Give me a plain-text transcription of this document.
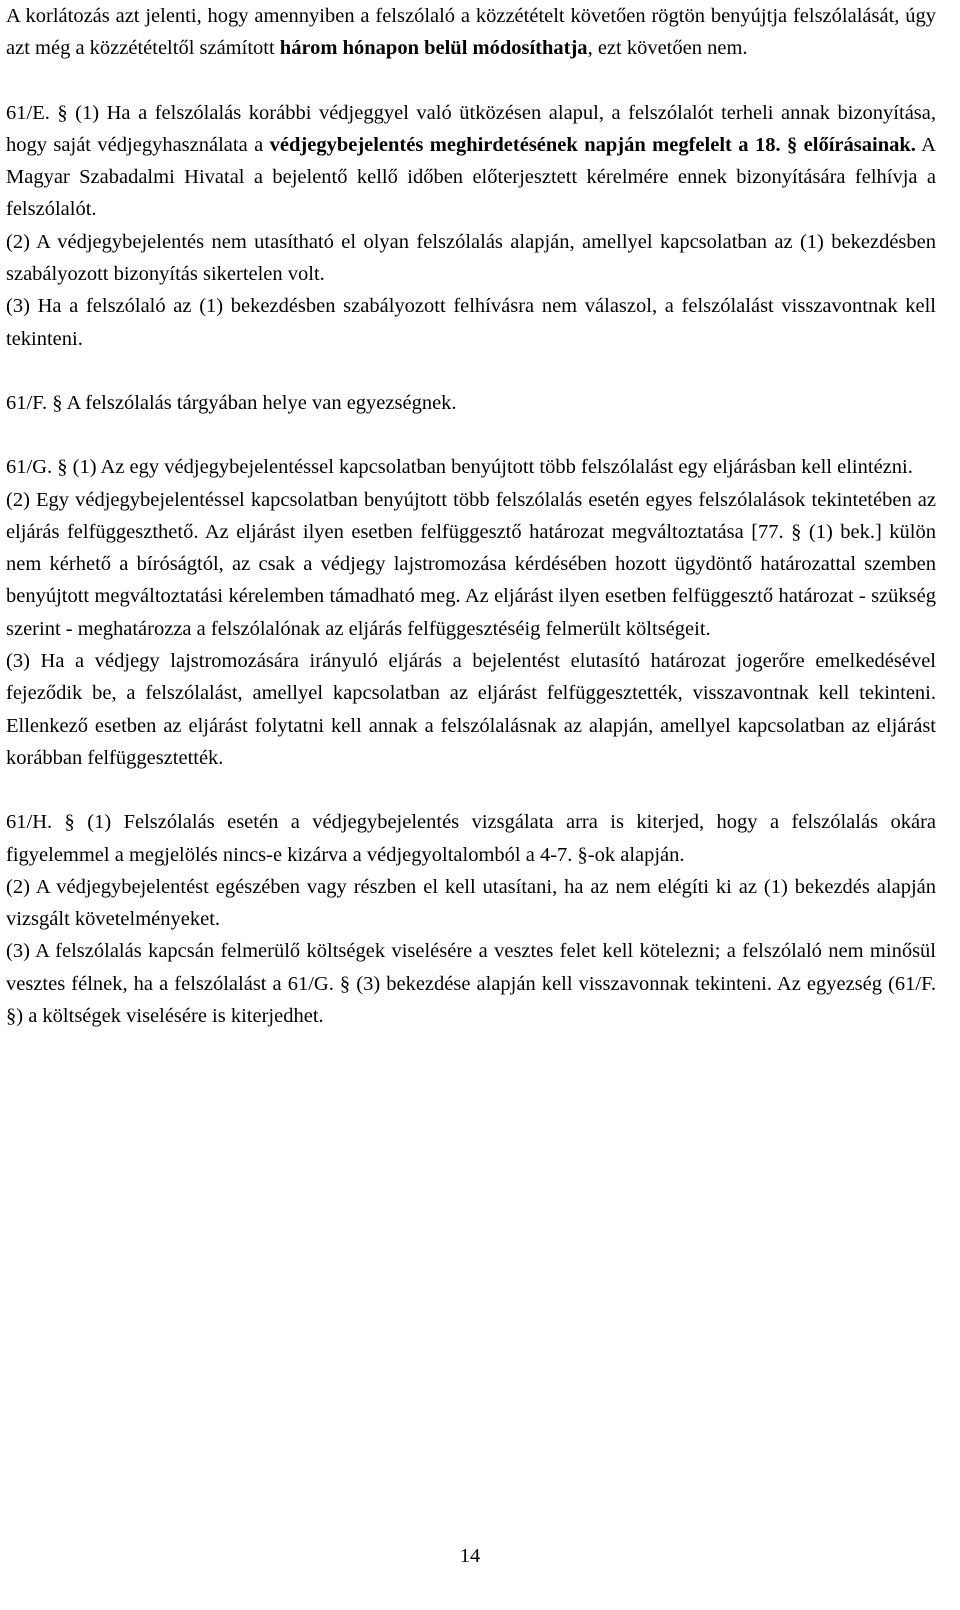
A korlátozás azt jelenti, hogy amennyiben a felszólaló a közzétételt követően rögtön benyújtja felszólalását, úgy azt még a közzétételtől számított három hónapon belül módosíthatja, ezt követően nem.

61/E. § (1) Ha a felszólalás korábbi védjeggyel való ütközésen alapul, a felszólalót terheli annak bizonyítása, hogy saját védjegyhasználata a védjegybejelentés meghirdetésének napján megfelelt a 18. § előírásainak. A Magyar Szabadalmi Hivatal a bejelentő kellő időben előterjesztett kérelmére ennek bizonyítására felhívja a felszólalót.

(2) A védjegybejelentés nem utasítható el olyan felszólalás alapján, amellyel kapcsolatban az (1) bekezdésben szabályozott bizonyítás sikertelen volt.

(3) Ha a felszólaló az (1) bekezdésben szabályozott felhívásra nem válaszol, a felszólalást visszavontnak kell tekinteni.

61/F. § A felszólalás tárgyában helye van egyezségnek.

61/G. § (1) Az egy védjegybejelentéssel kapcsolatban benyújtott több felszólalást egy eljárásban kell elintézni.

(2) Egy védjegybejelentéssel kapcsolatban benyújtott több felszólalás esetén egyes felszólalások tekintetében az eljárás felfüggeszthető. Az eljárást ilyen esetben felfüggesztő határozat megváltoztatása [77. § (1) bek.] külön nem kérhető a bíróságtól, az csak a védjegy lajstromozása kérdésében hozott ügydöntő határozattal szemben benyújtott megváltoztatási kérelemben támadható meg. Az eljárást ilyen esetben felfüggesztő határozat - szükség szerint - meghatározza a felszólalónak az eljárás felfüggesztéséig felmerült költségeit.

(3) Ha a védjegy lajstromozására irányuló eljárás a bejelentést elutasító határozat jogerőre emelkedésével fejeződik be, a felszólalást, amellyel kapcsolatban az eljárást felfüggesztették, visszavontnak kell tekinteni. Ellenkező esetben az eljárást folytatni kell annak a felszólalásnak az alapján, amellyel kapcsolatban az eljárást korábban felfüggesztették.

61/H. § (1) Felszólalás esetén a védjegybejelentés vizsgálata arra is kiterjed, hogy a felszólalás okára figyelemmel a megjelölés nincs-e kizárva a védjegyoltalomból a 4-7. §-ok alapján.

(2) A védjegybejelentést egészében vagy részben el kell utasítani, ha az nem elégíti ki az (1) bekezdés alapján vizsgált követelményeket.

(3) A felszólalás kapcsán felmerülő költségek viselésére a vesztes felet kell kötelezni; a felszólaló nem minősül vesztes félnek, ha a felszólalást a 61/G. § (3) bekezdése alapján kell visszavonnak tekinteni. Az egyezség (61/F. §) a költségek viselésére is kiterjedhet.

14
